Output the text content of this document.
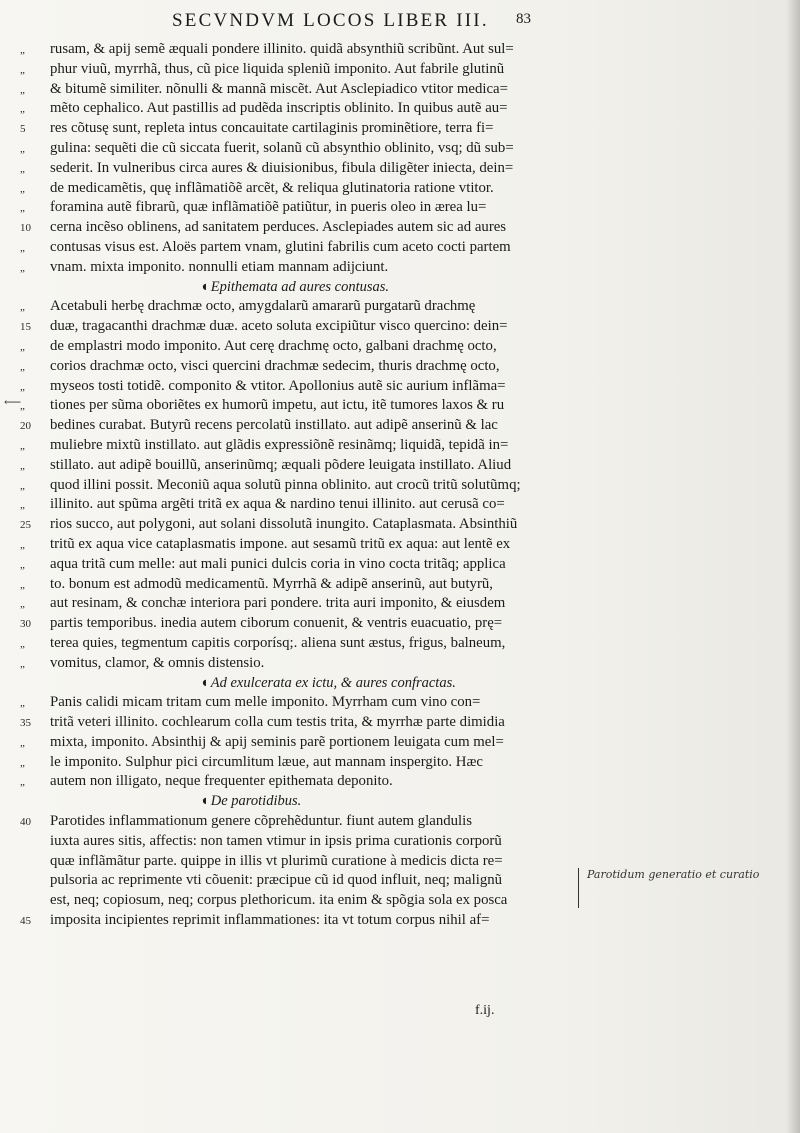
SECVNDVM LOCOS LIBER III. 83
„	rusam, & apij semẽ æquali pondere illinito. quidã absynthiũ scribũnt. Aut sul=
„	phur viuũ, myrrhã, thus, cũ pice liquida spleniũ imponito. Aut fabrile glutinũ
„	& bitumẽ similiter. nõnulli & mannã miscẽt. Aut Asclepiadico vtitor medica=
„	mẽto cephalico. Aut pastillis ad pudẽda inscriptis oblinito. In quibus autẽ au=
5	res cõtusę sunt, repleta intus concauitate cartilaginis prominẽtiore, terra fi=
„	gulina: sequẽti die cũ siccata fuerit, solanũ cũ absynthio oblinito, vsq; dũ sub=
„	sederit. In vulneribus circa aures & diuisionibus, fibula diligẽter iniecta, dein=
„	de medicamẽtis, quę inflãmatiõẽ arcẽt, & reliqua glutinatoria ratione vtitor.
„	foramina autẽ fibrarũ, quæ inflãmatiõẽ patiũtur, in pueris oleo in ærea lu=
10	cerna incẽso oblinens, ad sanitatem perduces. Asclepiades autem sic ad aures
„	contusas visus est. Aloës partem vnam, glutini fabrilis cum aceto cocti partem
„	vnam. mixta imponito. nonnulli etiam mannam adijciunt.
◖ Epithemata ad aures contusas.
„	Acetabuli herbę drachmæ octo, amygdalarũ amararũ purgatarũ drachmę
15	duæ, tragacanthi drachmæ duæ. aceto soluta excipiũtur visco quercino: dein=
„	de emplastri modo imponito. Aut cerę drachmę octo, galbani drachmę octo,
„	corios drachmæ octo, visci quercini drachmæ sedecim, thuris drachmę octo,
„	myseos tosti totidẽ. componito & vtitor. Apollonius autẽ sic aurium inflãma=
„	tiones per sũma oboriẽtes ex humorũ impetu, aut ictu, itẽ tumores laxos & ru
20	bedines curabat. Butyrũ recens percolatũ instillato. aut adipẽ anserinũ & lac
„	muliebre mixtũ instillato. aut glãdis expressiõnẽ resinãmq; liquidã, tepidã in=
„	stillato. aut adipẽ bouillũ, anserinũmq; æquali põdere leuigata instillato. Aliud
„	quod illini possit. Meconiũ aqua solutũ pinna oblinito. aut crocũ tritũ solutũmq;
„	illinito. aut spũma argẽti tritã ex aqua & nardino tenui illinito. aut cerusã co=
25	rios succo, aut polygoni, aut solani dissolutã inungito. Cataplasmata. Absinthiũ
„	tritũ ex aqua vice cataplasmatis impone. aut sesamũ tritũ ex aqua: aut lentẽ ex
„	aqua tritã cum melle: aut mali punici dulcis coria in vino cocta tritãq; applica
„	to. bonum est admodũ medicamentũ. Myrrhã & adipẽ anserinũ, aut butyrũ,
„	aut resinam, & conchæ interiora pari pondere. trita auri imponito, & eiusdem
30	partis temporibus. inedia autem ciborum conuenit, & ventris euacuatio, prę=
„	terea quies, tegmentum capitis corporísq;. aliena sunt æstus, frigus, balneum,
„	vomitus, clamor, & omnis distensio.
◖ Ad exulcerata ex ictu, & aures confractas.
„	Panis calidi micam tritam cum melle imponito. Myrrham cum vino con=
35	tritã veteri illinito. cochlearum colla cum testis trita, & myrrhæ parte dimidia
„	mixta, imponito. Absinthij & apij seminis parẽ portionem leuigata cum mel=
„	le imponito. Sulphur pici circumlitum læue, aut mannam inspergito. Hæc
„	autem non illigato, neque frequenter epithemata deponito.
◖ De parotidibus.
40	Parotides inflammationum genere cõprehẽduntur. fiunt autem glandulis
iuxta aures sitis, affectis: non tamen vtimur in ipsis prima curationis corporũ
quæ inflãmãtur parte. quippe in illis vt plurimũ curatione à medicis dicta re=
pulsoria ac reprimente vti cõuenit: præcipue cũ id quod influit, neq; malignũ
est, neq; copiosum, neq; corpus plethoricum. ita enim & spõgia sola ex posca
45	imposita incipientes reprimit inflammationes: ita vt totum corpus nihil af=
⟵
Parotidum generatio et curatio
f.ij.
